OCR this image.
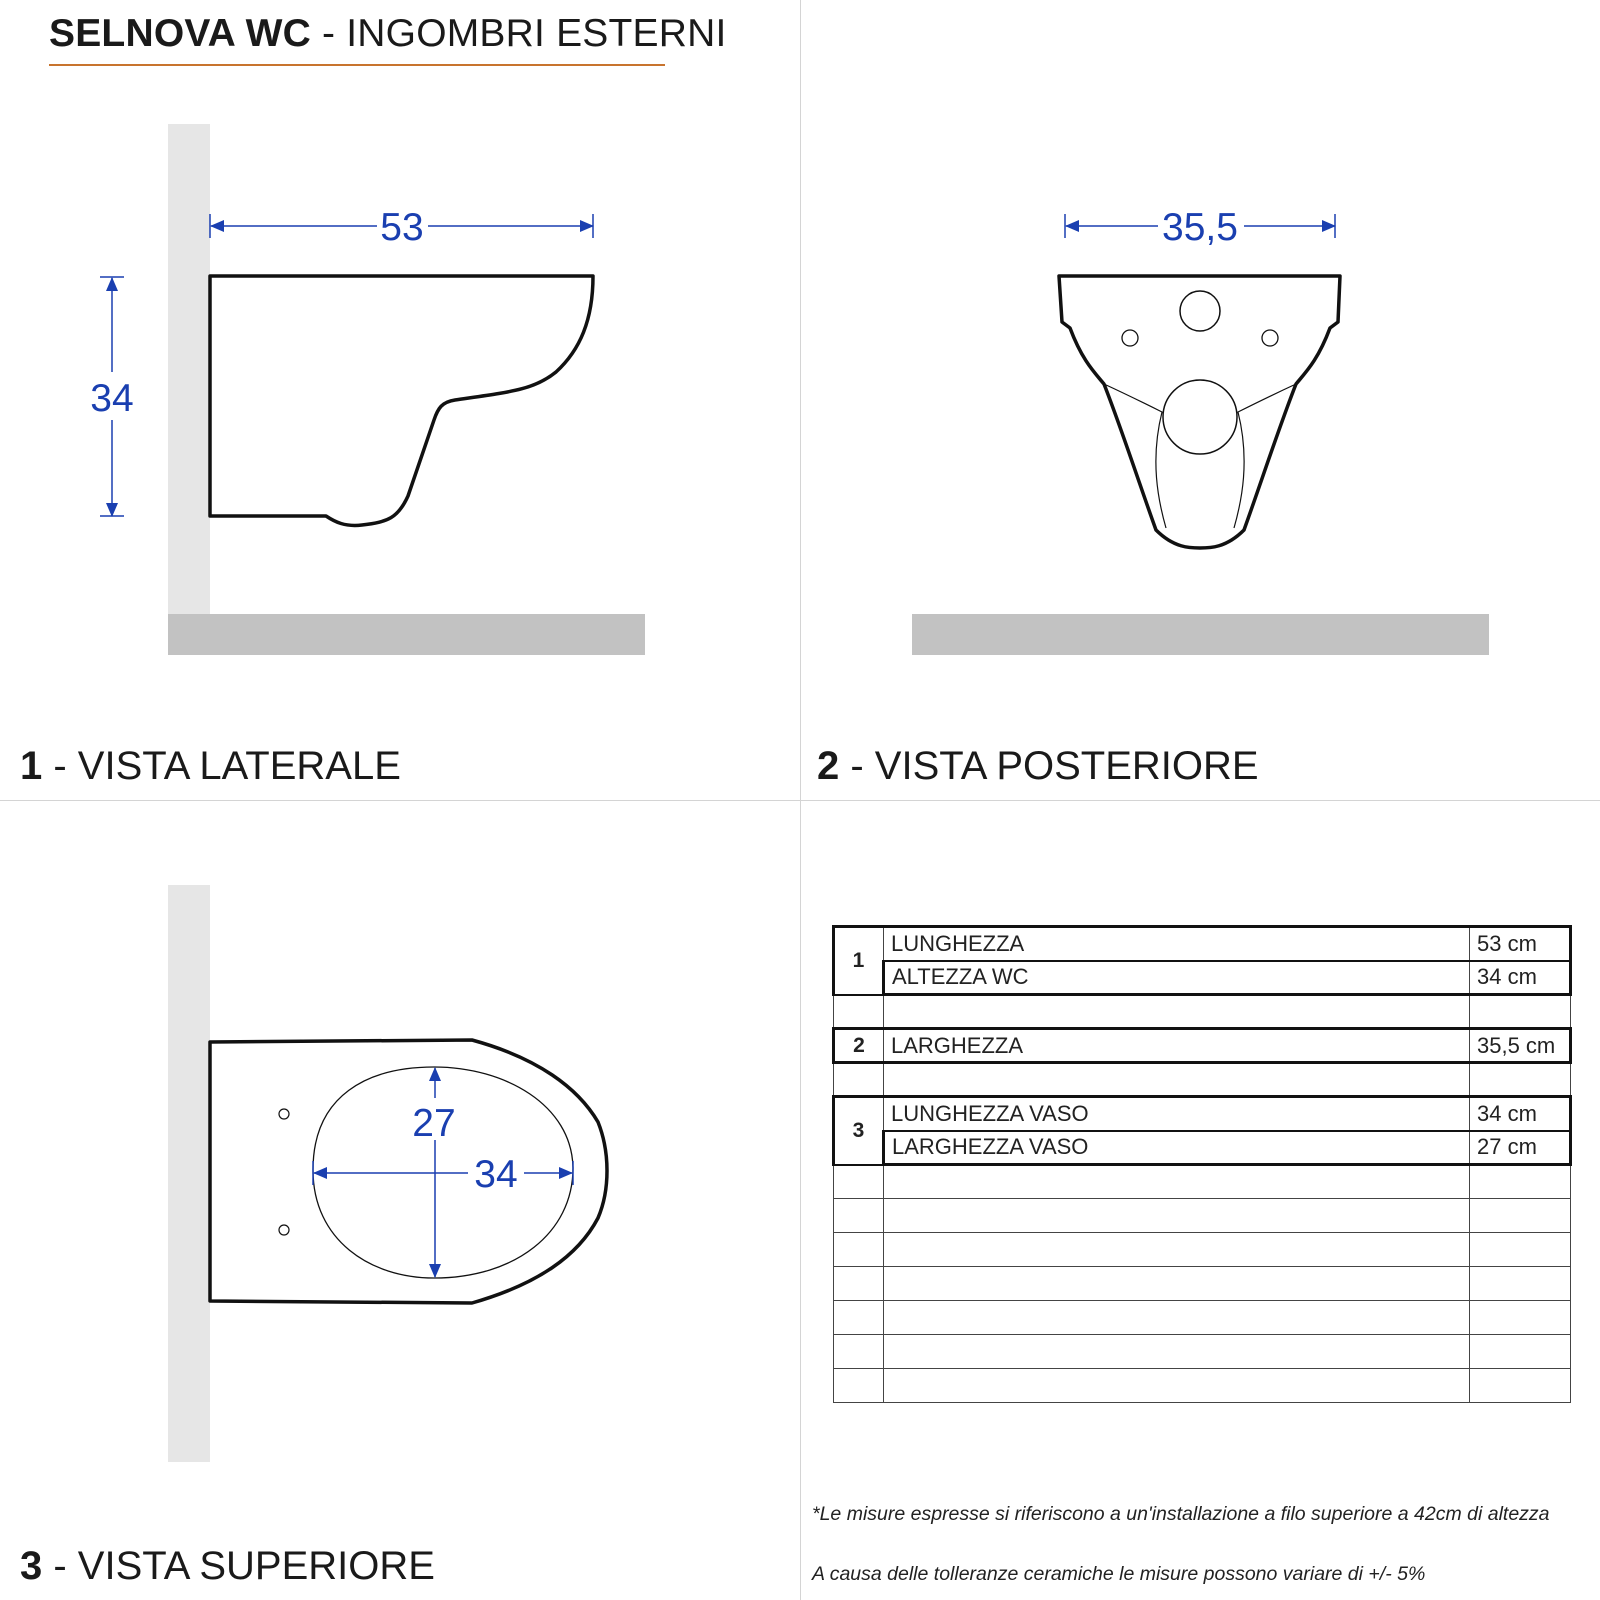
SELNOVA WC - INGOMBRI ESTERNI
53
34
35,5
27
34
1 - VISTA LATERALE	2 - VISTA POSTERIORE
3 - VISTA SUPERIORE
1	LUNGHEZZA	53 cm
	ALTEZZA WC	34 cm

2	LARGHEZZA	35,5 cm

3	LUNGHEZZA VASO	34 cm
	LARGHEZZA VASO	27 cm

*Le misure espresse si riferiscono a un'installazione a filo superiore a 42cm di altezza
A causa delle tolleranze ceramiche le misure possono variare di +/- 5%
